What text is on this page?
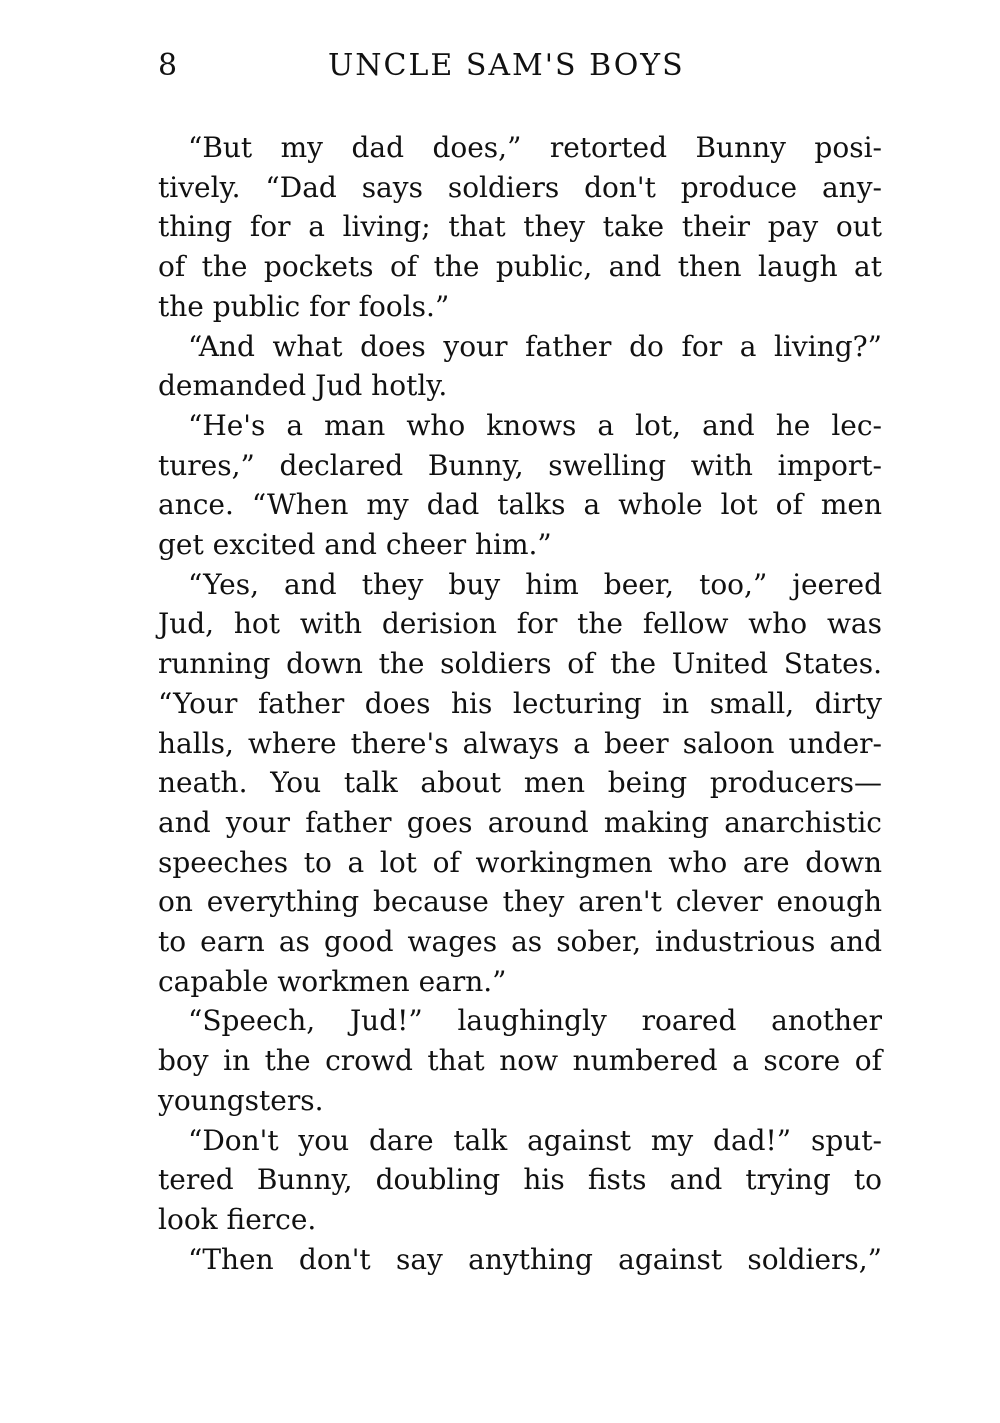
8	UNCLE SAM'S BOYS
“But my dad does,” retorted Bunny posi-
tively. “Dad says soldiers don't produce any-
thing for a living; that they take their pay out
of the pockets of the public, and then laugh at
the public for fools.”
“And what does your father do for a living?”
demanded Jud hotly.
“He's a man who knows a lot, and he lec-
tures,” declared Bunny, swelling with import-
ance. “When my dad talks a whole lot of men
get excited and cheer him.”
“Yes, and they buy him beer, too,” jeered
Jud, hot with derision for the fellow who was
running down the soldiers of the United States.
“Your father does his lecturing in small, dirty
halls, where there's always a beer saloon under-
neath. You talk about men being producers—
and your father goes around making anarchistic
speeches to a lot of workingmen who are down
on everything because they aren't clever enough
to earn as good wages as sober, industrious and
capable workmen earn.”
“Speech, Jud!” laughingly roared another
boy in the crowd that now numbered a score of
youngsters.
“Don't you dare talk against my dad!” sput-
tered Bunny, doubling his fists and trying to
look fierce.
“Then don't say anything against soldiers,”
